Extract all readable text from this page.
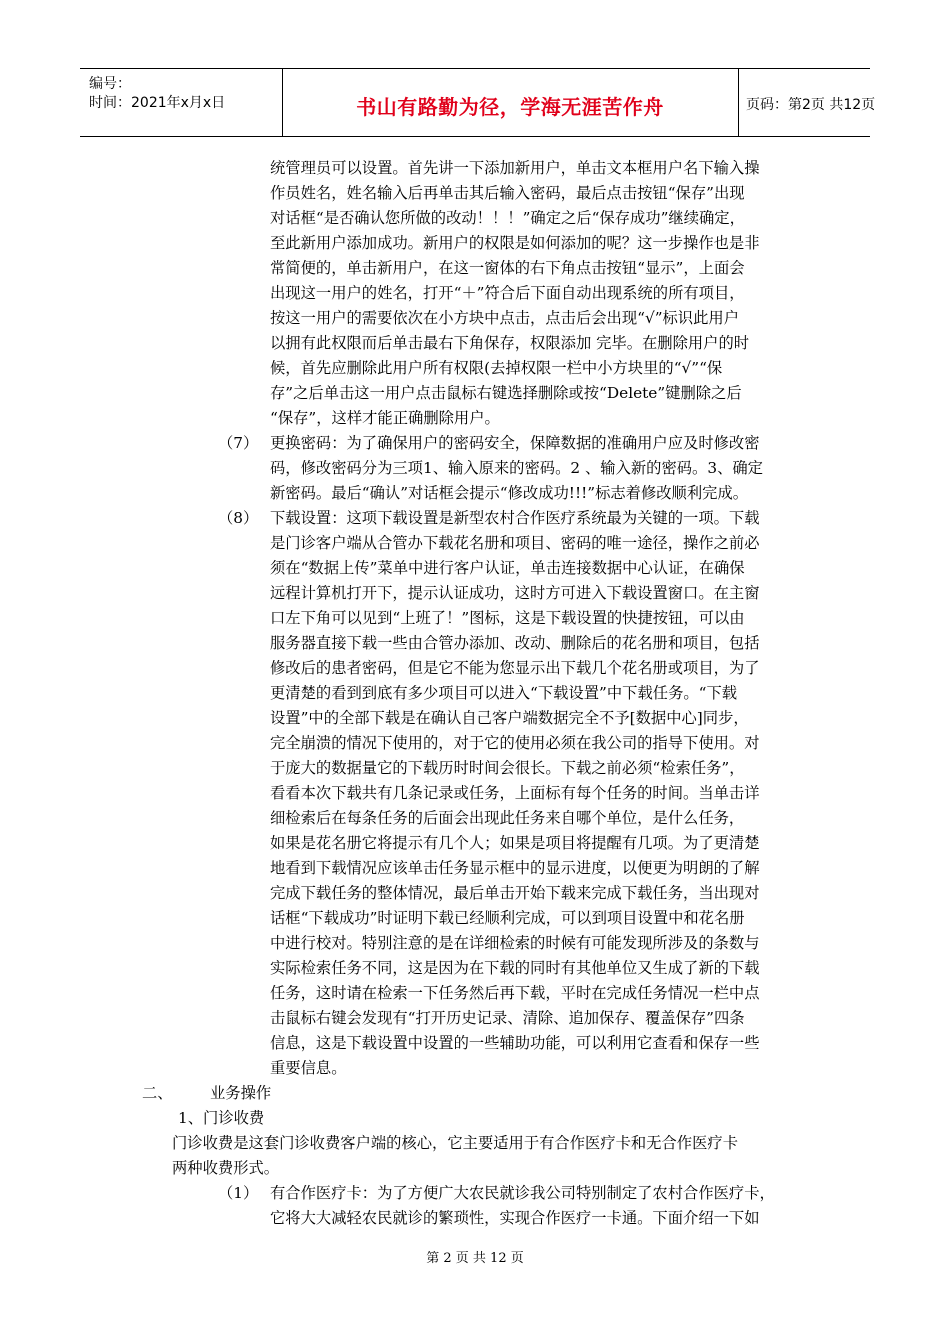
编号：
时间：2021年x月x日	书山有路勤为径，学海无涯苦作舟	页码：第2页 共12页
统管理员可以设置。首先讲一下添加新用户，单击文本框用户名下输入操
作员姓名，姓名输入后再单击其后输入密码，最后点击按钮“保存”出现
对话框“是否确认您所做的改动！！！”确定之后“保存成功”继续确定，
至此新用户添加成功。新用户的权限是如何添加的呢？这一步操作也是非
常简便的，单击新用户，在这一窗体的右下角点击按钮“显示”，上面会
出现这一用户的姓名，打开“＋”符合后下面自动出现系统的所有项目，
按这一用户的需要依次在小方块中点击，点击后会出现“√”标识此用户
以拥有此权限而后单击最右下角保存，权限添加 完毕。在删除用户的时
候，首先应删除此用户所有权限(去掉权限一栏中小方块里的“√”“保
存”之后单击这一用户点击鼠标右键选择删除或按“Delete”键删除之后
“保存”，这样才能正确删除用户。
（7） 更换密码：为了确保用户的密码安全，保障数据的准确用户应及时修改密
码，修改密码分为三项1、输入原来的密码。2 、输入新的密码。3、确定
新密码。最后“确认”对话框会提示“修改成功!!!”标志着修改顺利完成。
（8） 下载设置：这项下载设置是新型农村合作医疗系统最为关键的一项。下载
是门诊客户端从合管办下载花名册和项目、密码的唯一途径，操作之前必
须在“数据上传”菜单中进行客户认证，单击连接数据中心认证，在确保
远程计算机打开下，提示认证成功，这时方可进入下载设置窗口。在主窗
口左下角可以见到“上班了！”图标，这是下载设置的快捷按钮，可以由
服务器直接下载一些由合管办添加、改动、删除后的花名册和项目，包括
修改后的患者密码，但是它不能为您显示出下载几个花名册或项目，为了
更清楚的看到到底有多少项目可以进入“下载设置”中下载任务。“下载
设置”中的全部下载是在确认自己客户端数据完全不予[数据中心]同步，
完全崩溃的情况下使用的，对于它的使用必须在我公司的指导下使用。对
于庞大的数据量它的下载历时时间会很长。下载之前必须“检索任务”，
看看本次下载共有几条记录或任务，上面标有每个任务的时间。当单击详
细检索后在每条任务的后面会出现此任务来自哪个单位，是什么任务，
如果是花名册它将提示有几个人；如果是项目将提醒有几项。为了更清楚
地看到下载情况应该单击任务显示框中的显示进度，以便更为明朗的了解
完成下载任务的整体情况，最后单击开始下载来完成下载任务，当出现对
话框“下载成功”时证明下载已经顺利完成，可以到项目设置中和花名册
中进行校对。特别注意的是在详细检索的时候有可能发现所涉及的条数与
实际检索任务不同，这是因为在下载的同时有其他单位又生成了新的下载
任务，这时请在检索一下任务然后再下载，平时在完成任务情况一栏中点
击鼠标右键会发现有“打开历史记录、清除、追加保存、覆盖保存”四条
信息，这是下载设置中设置的一些辅助功能，可以利用它查看和保存一些
重要信息。
二、 业务操作
1、门诊收费
门诊收费是这套门诊收费客户端的核心，它主要适用于有合作医疗卡和无合作医疗卡
两种收费形式。
（1） 有合作医疗卡：为了方便广大农民就诊我公司特别制定了农村合作医疗卡，
它将大大减轻农民就诊的繁琐性，实现合作医疗一卡通。下面介绍一下如
第 2 页 共 12 页
